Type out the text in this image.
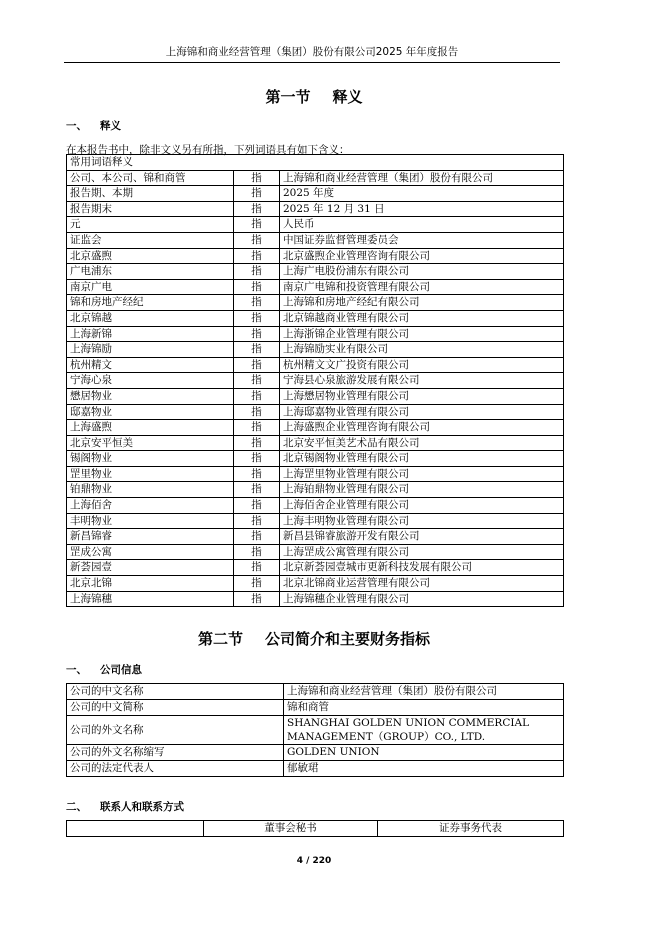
上海锦和商业经营管理（集团）股份有限公司2025 年年度报告
第一节 释义
一、 释义
在本报告书中，除非文义另有所指，下列词语具有如下含义：
常用词语释义		
公司、本公司、锦和商管	指	上海锦和商业经营管理（集团）股份有限公司
报告期、本期	指	2025 年度
报告期末	指	2025 年 12 月 31 日
元	指	人民币
证监会	指	中国证券监督管理委员会
北京盛煦	指	北京盛煦企业管理咨询有限公司
广电浦东	指	上海广电股份浦东有限公司
南京广电	指	南京广电锦和投资管理有限公司
锦和房地产经纪	指	上海锦和房地产经纪有限公司
北京锦越	指	北京锦越商业管理有限公司
上海新锦	指	上海浙锦企业管理有限公司
上海锦励	指	上海锦励实业有限公司
杭州精文	指	杭州精文文广投资有限公司
宁海心泉	指	宁海县心泉旅游发展有限公司
懋居物业	指	上海懋居物业管理有限公司
邸嘉物业	指	上海邸嘉物业管理有限公司
上海盛煦	指	上海盛煦企业管理咨询有限公司
北京安平恒美	指	北京安平恒美艺术品有限公司
锡阁物业	指	北京锡阁物业管理有限公司
罡里物业	指	上海罡里物业管理有限公司
铂鼎物业	指	上海铂鼎物业管理有限公司
上海佰舍	指	上海佰舍企业管理有限公司
丰明物业	指	上海丰明物业管理有限公司
新昌锦睿	指	新昌县锦睿旅游开发有限公司
罡成公寓	指	上海罡成公寓管理有限公司
新荟园壹	指	北京新荟园壹城市更新科技发展有限公司
北京北锦	指	北京北锦商业运营管理有限公司
上海锦穗	指	上海锦穗企业管理有限公司
第二节 公司简介和主要财务指标
一、 公司信息
公司的中文名称	上海锦和商业经营管理（集团）股份有限公司
公司的中文简称	锦和商管
公司的外文名称	SHANGHAI GOLDEN UNION COMMERCIAL MANAGEMENT（GROUP）CO., LTD.
公司的外文名称缩写	GOLDEN UNION
公司的法定代表人	郁敏珺
二、 联系人和联系方式
	董事会秘书	证券事务代表
4 / 220
